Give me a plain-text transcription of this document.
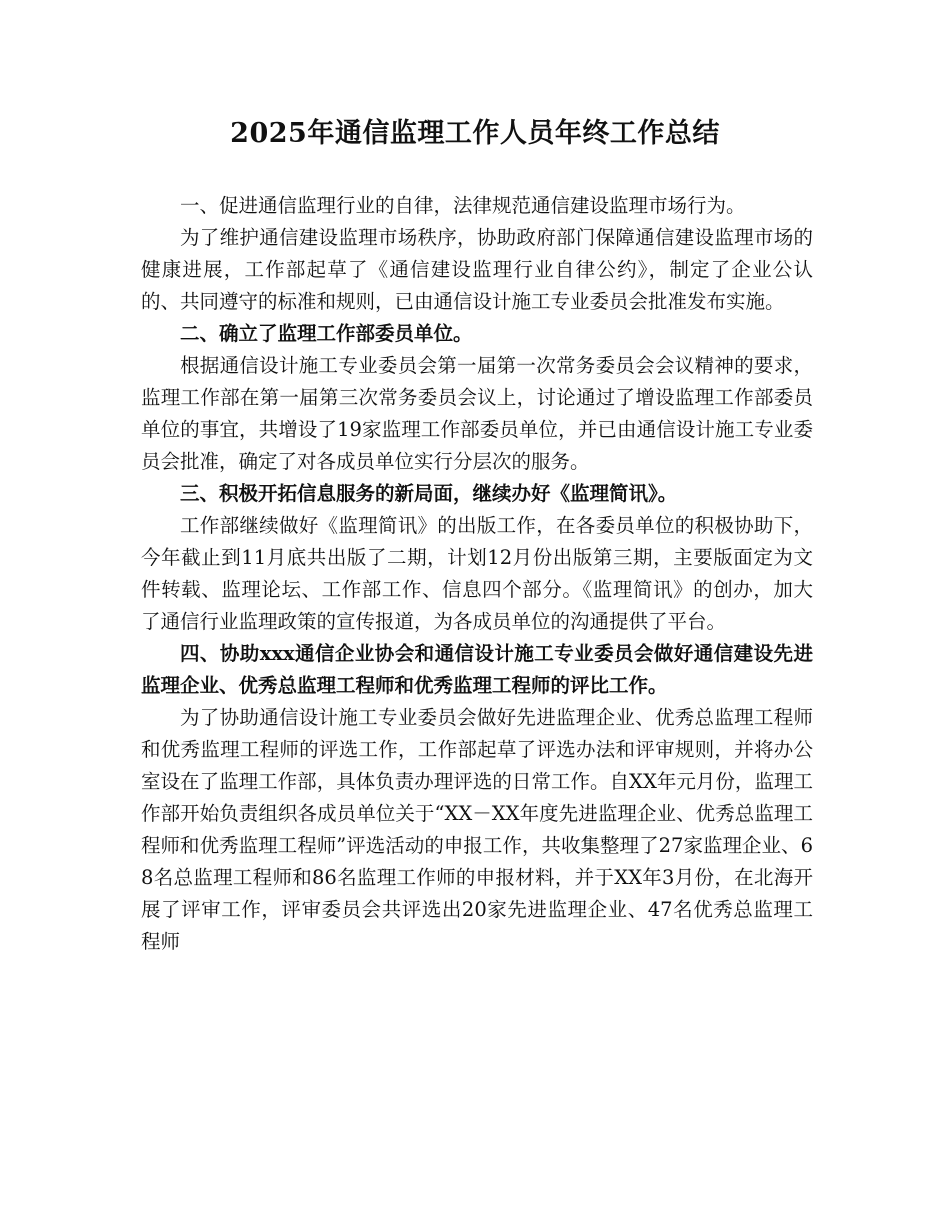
2025年通信监理工作人员年终工作总结

一、促进通信监理行业的自律，法律规范通信建设监理市场行为。

为了维护通信建设监理市场秩序，协助政府部门保障通信建设监理市场的健康进展，工作部起草了《通信建设监理行业自律公约》，制定了企业公认的、共同遵守的标准和规则，已由通信设计施工专业委员会批准发布实施。

二、确立了监理工作部委员单位。

根据通信设计施工专业委员会第一届第一次常务委员会会议精神的要求，监理工作部在第一届第三次常务委员会议上，讨论通过了增设监理工作部委员单位的事宜，共增设了19家监理工作部委员单位，并已由通信设计施工专业委员会批准，确定了对各成员单位实行分层次的服务。

三、积极开拓信息服务的新局面，继续办好《监理简讯》。

工作部继续做好《监理简讯》的出版工作，在各委员单位的积极协助下，今年截止到11月底共出版了二期，计划12月份出版第三期，主要版面定为文件转载、监理论坛、工作部工作、信息四个部分。《监理简讯》的创办，加大了通信行业监理政策的宣传报道，为各成员单位的沟通提供了平台。

四、协助xxx通信企业协会和通信设计施工专业委员会做好通信建设先进监理企业、优秀总监理工程师和优秀监理工程师的评比工作。

为了协助通信设计施工专业委员会做好先进监理企业、优秀总监理工程师和优秀监理工程师的评选工作，工作部起草了评选办法和评审规则，并将办公室设在了监理工作部，具体负责办理评选的日常工作。自XX年元月份，监理工作部开始负责组织各成员单位关于“XX－XX年度先进监理企业、优秀总监理工程师和优秀监理工程师”评选活动的申报工作，共收集整理了27家监理企业、68名总监理工程师和86名监理工作师的申报材料，并于XX年3月份，在北海开展了评审工作，评审委员会共评选出20家先进监理企业、47名优秀总监理工程师
